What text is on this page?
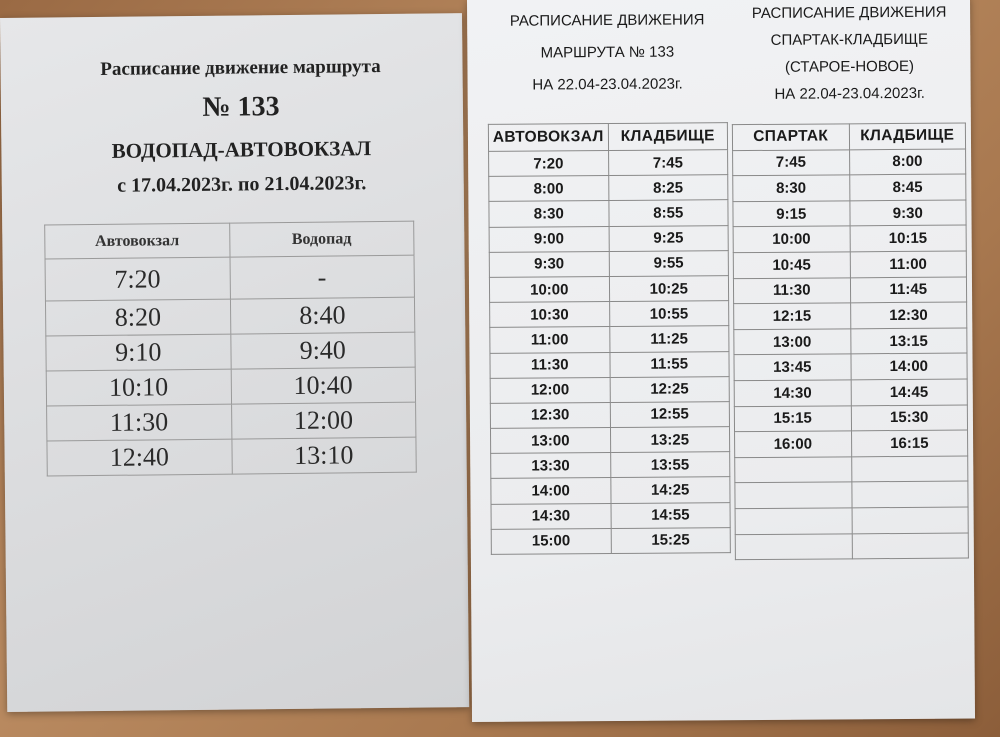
Расписание движение маршрута
№ 133
ВОДОПАД-АВТОВОКЗАЛ
с 17.04.2023г. по 21.04.2023г.
Автовокзал	Водопад
7:20	-
8:20	8:40
9:10	9:40
10:10	10:40
11:30	12:00
12:40	13:10
РАСПИСАНИЕ ДВИЖЕНИЯ
МАРШРУТА № 133
НА 22.04-23.04.2023г.
РАСПИСАНИЕ ДВИЖЕНИЯ
СПАРТАК-КЛАДБИЩЕ
(СТАРОЕ-НОВОЕ)
НА 22.04-23.04.2023г.
АВТОВОКЗАЛ	КЛАДБИЩЕ
7:20	7:45
8:00	8:25
8:30	8:55
9:00	9:25
9:30	9:55
10:00	10:25
10:30	10:55
11:00	11:25
11:30	11:55
12:00	12:25
12:30	12:55
13:00	13:25
13:30	13:55
14:00	14:25
14:30	14:55
15:00	15:25
СПАРТАК	КЛАДБИЩЕ
7:45	8:00
8:30	8:45
9:15	9:30
10:00	10:15
10:45	11:00
11:30	11:45
12:15	12:30
13:00	13:15
13:45	14:00
14:30	14:45
15:15	15:30
16:00	16:15
